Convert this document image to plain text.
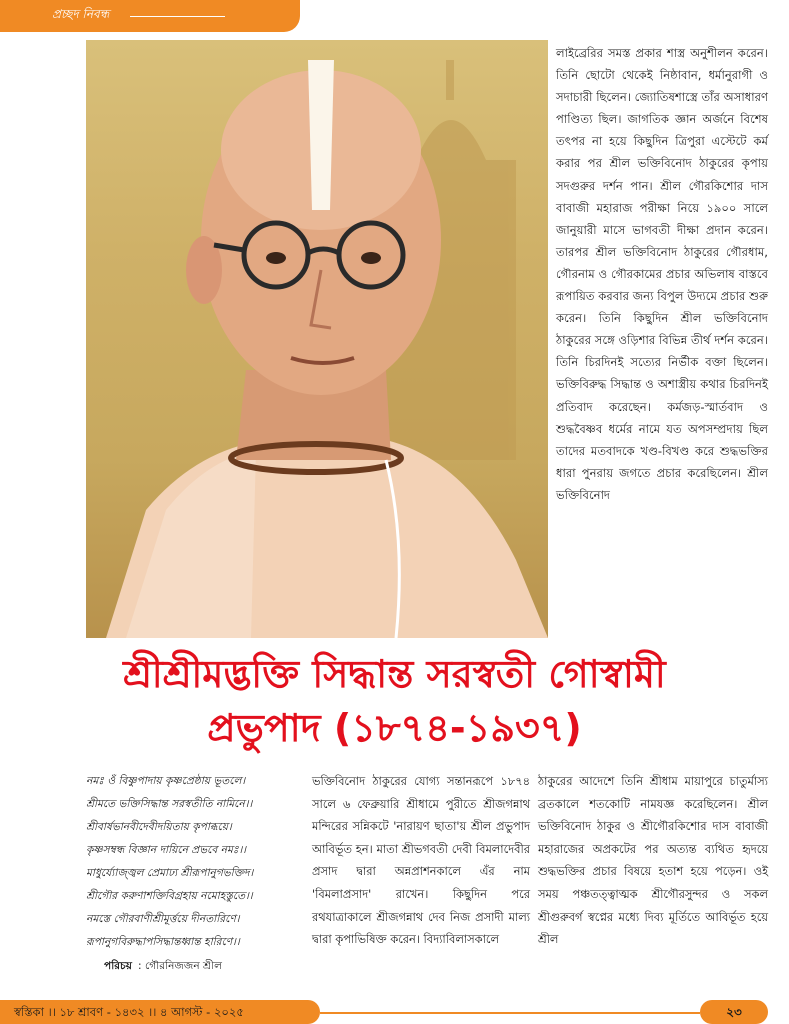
প্রচ্ছদ নিবন্ধ
লাইব্রেরির সমস্ত প্রকার শাস্ত্র অনুশীলন করেন। তিনি ছোটো থেকেই নিষ্ঠাবান, ধর্মানুরাগী ও সদাচারী ছিলেন। জ্যোতিষশাস্ত্রে তাঁর অসাধারণ পাণ্ডিত্য ছিল। জাগতিক জ্ঞান অর্জনে বিশেষ তৎপর না হয়ে কিছুদিন ত্রিপুরা এস্টেটে কর্ম করার পর শ্রীল ভক্তিবিনোদ ঠাকুরের কৃপায় সদগুরুর দর্শন পান। শ্রীল গৌরকিশোর দাস বাবাজী মহারাজ পরীক্ষা নিয়ে ১৯০০ সালে জানুয়ারী মাসে ভাগবতী দীক্ষা প্রদান করেন। তারপর শ্রীল ভক্তিবিনোদ ঠাকুরের গৌরধাম, গৌরনাম ও গৌরকামের প্রচার অভিলাষ বাস্তবে রূপায়িত করবার জন্য বিপুল উদ্যমে প্রচার শুরু করেন। তিনি কিছুদিন শ্রীল ভক্তিবিনোদ ঠাকুরের সঙ্গে ওড়িশার বিভিন্ন তীর্থ দর্শন করেন। তিনি চিরদিনই সত্যের নির্ভীক বক্তা ছিলেন। ভক্তিবিরুদ্ধ সিদ্ধান্ত ও অশাস্ত্রীয় কথার চিরদিনই প্রতিবাদ করেছেন। কর্মজড়-স্মার্তবাদ ও শুদ্ধবৈষ্ণব ধর্মের নামে যত অপসম্প্রদায় ছিল তাদের মতবাদকে খণ্ড-বিখণ্ড করে শুদ্ধভক্তির ধারা পুনরায় জগতে প্রচার করেছিলেন। শ্রীল ভক্তিবিনোদ
শ্রীশ্রীমদ্ভক্তি সিদ্ধান্ত সরস্বতী গোস্বামী
প্রভুপাদ (১৮৭৪-১৯৩৭)
নমঃ ওঁ বিষ্ণুপাদায় কৃষ্ণপ্রেষ্ঠায় ভূতলে।
শ্রীমতে ভক্তিসিদ্ধান্ত সরস্বতীতি নামিনে।।
শ্রীবার্ষভানবীদেবীদয়িতায় কৃপাব্ধয়ে।
কৃষ্ণসম্বন্ধ বিজ্ঞান দায়িনে প্রভবে নমঃ।।
মাধুর্য্যোজ্জ্বল প্রেমাঢ্য শ্রীরূপানুগভক্তিদ।
শ্রীগৌর করুণাশক্তিবিগ্রহায় নমোহস্তুতে।।
নমস্তে গৌরবাণীশ্রীমূর্ত্তয়ে দীনতারিণে।
রূপানুগবিরুদ্ধাপসিদ্ধান্তধ্বান্ত হারিণে।।
পরিচয় : গৌরনিজজন শ্রীল
ভক্তিবিনোদ ঠাকুরের যোগ্য সন্তানরূপে ১৮৭৪ সালে ৬ ফেব্রুয়ারি শ্রীধামে পুরীতে শ্রীজগন্নাথ মন্দিরের সন্নিকটে 'নারায়ণ ছাতা'য় শ্রীল প্রভুপাদ আবির্ভূত হন। মাতা শ্রীভগবতী দেবী বিমলাদেবীর প্রসাদ দ্বারা অন্নপ্রাশনকালে এঁর নাম 'বিমলাপ্রসাদ' রাখেন। কিছুদিন পরে রথযাত্রাকালে শ্রীজগন্নাথ দেব নিজ প্রসাদী মাল্য দ্বারা কৃপাভিষিক্ত করেন। বিদ্যাবিলাসকালে
ঠাকুরের আদেশে তিনি শ্রীধাম মায়াপুরে চাতুর্মাস্য ব্রতকালে শতকোটি নামযজ্ঞ করেছিলেন। শ্রীল ভক্তিবিনোদ ঠাকুর ও শ্রীগৌরকিশোর দাস বাবাজী মহারাজের অপ্রকটের পর অত্যন্ত ব্যথিত হৃদয়ে শুদ্ধভক্তির প্রচার বিষয়ে হতাশ হয়ে পড়েন। ওই সময় পঞ্চতত্ত্বাত্মক শ্রীগৌরসুন্দর ও সকল শ্রীগুরুবর্গ স্বপ্নের মধ্যে দিব্য মূর্তিতে আবির্ভূত হয়ে শ্রীল
স্বস্তিকা ।। ১৮ শ্রাবণ - ১৪৩২ ।। ৪ আগস্ট - ২০২৫	২৩
